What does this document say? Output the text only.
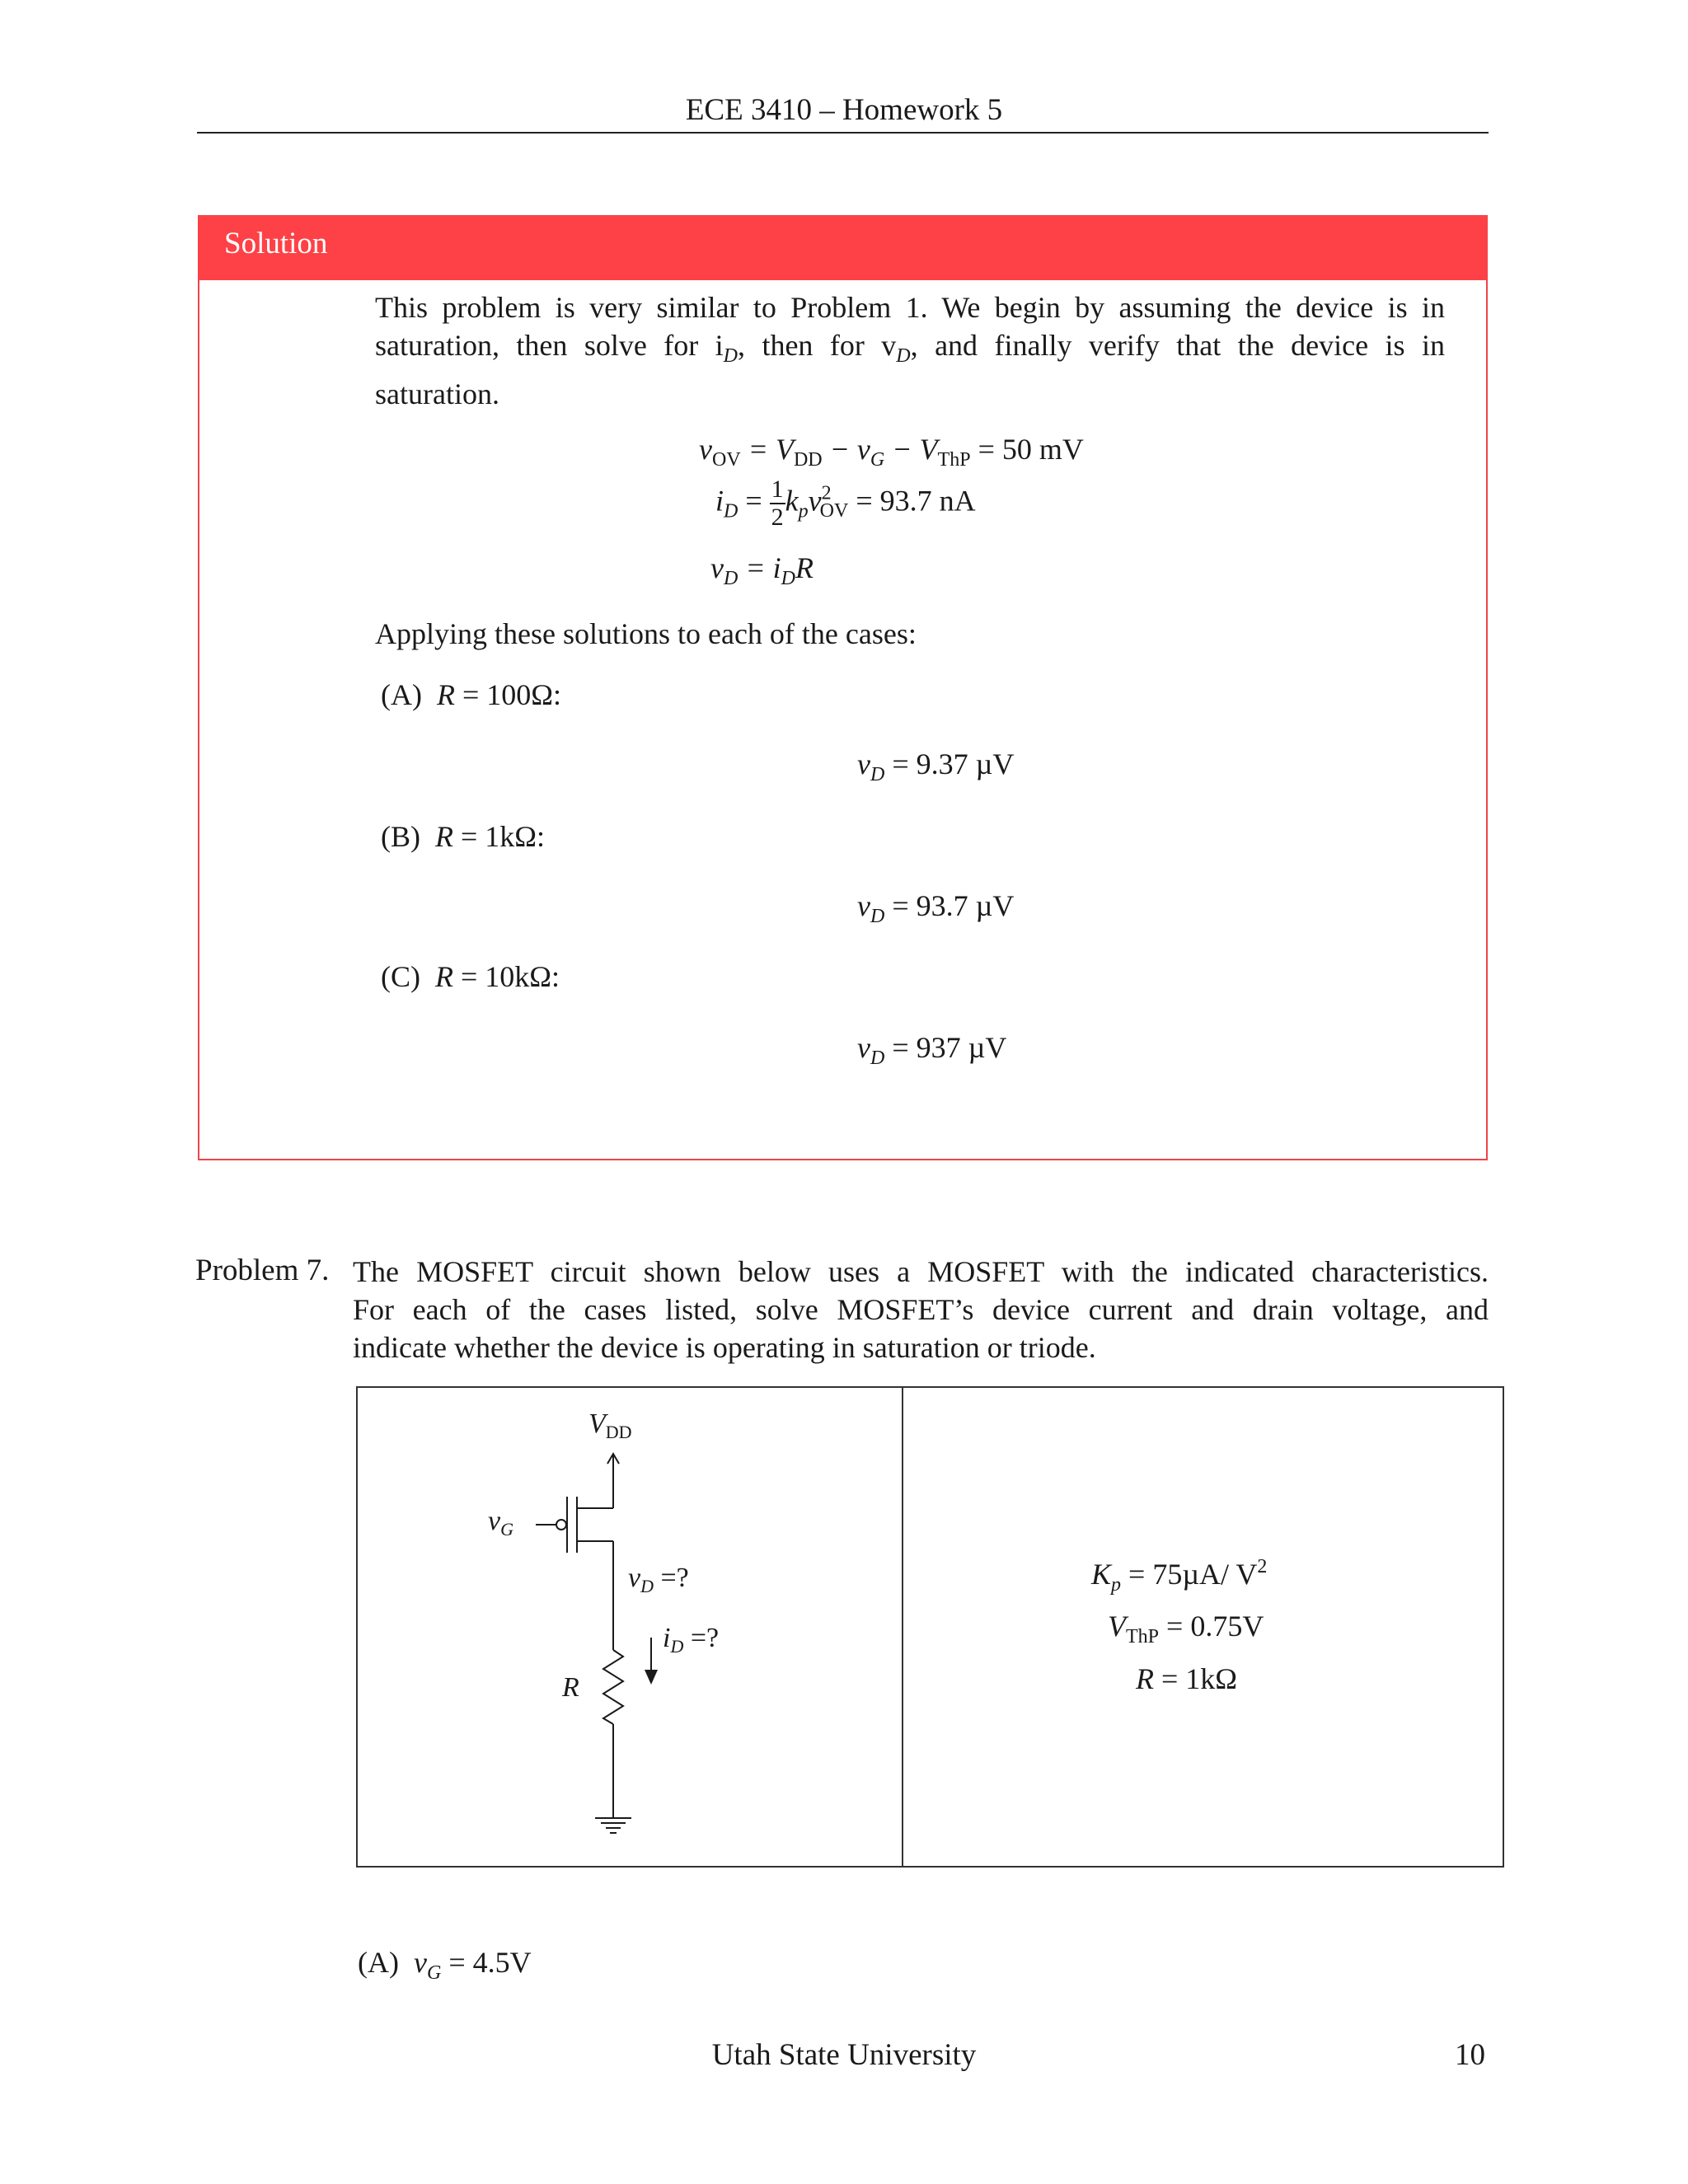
ECE 3410 – Homework 5
Solution
This problem is very similar to Problem 1. We begin by assuming the device is in
saturation, then solve for $i_D$, then for $v_D$, and finally verify that the device is in
saturation.
$v_{OV} = V_{DD} - v_G - V_{ThP} = 50$ mV
$i_D = \frac{1}{2} k_pv^2_{OV} = 93.7$ nA
$v_D = i_DR$
Applying these solutions to each of the cases:
(A) R = 100Ω:
$v_D = 9.37$ µV
(B) R = 1kΩ:
$v_D = 93.7$ µV
(C) R = 10kΩ:
$v_D = 937$ µV
Problem 7. The MOSFET circuit shown below uses a MOSFET with the indicated characteristics.
For each of the cases listed, solve MOSFET’s device current and drain voltage, and
indicate whether the device is operating in saturation or triode.
$V_{DD}$
$v_G$
$v_D$ =?
$i_D$ =?
R
$K_p = 75\mu A/$ $V^2$
$V_{ThP} = 0.75V$
R = 1kΩ
(A) $v_G = 4.5V$
Utah State University	10
